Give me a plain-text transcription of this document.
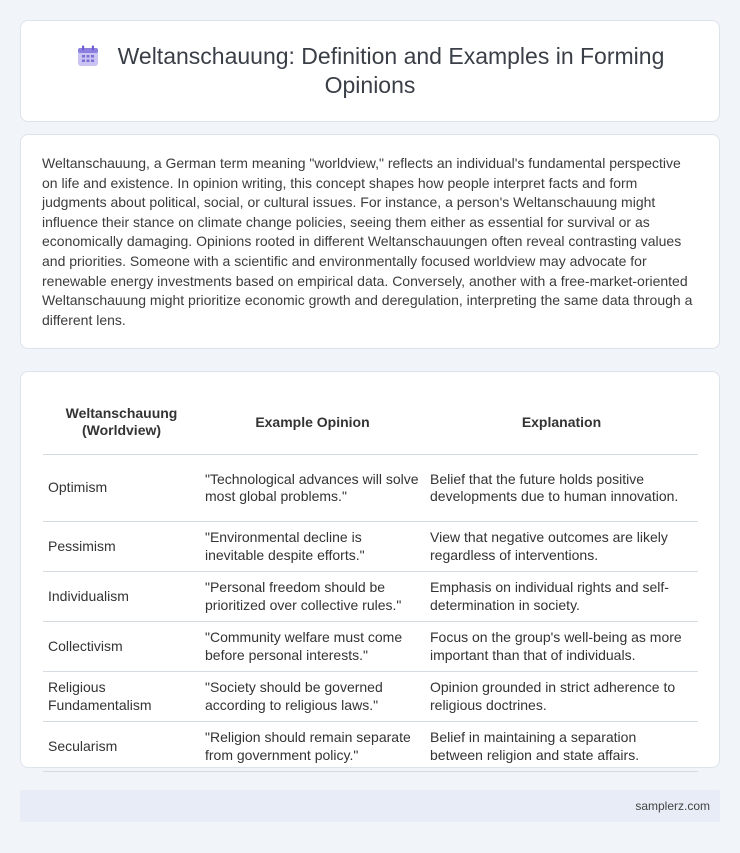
Weltanschauung: Definition and Examples in Forming Opinions

Weltanschauung, a German term meaning "worldview," reflects an individual's fundamental perspective on life and existence. In opinion writing, this concept shapes how people interpret facts and form judgments about political, social, or cultural issues. For instance, a person's Weltanschauung might influence their stance on climate change policies, seeing them either as essential for survival or as economically damaging. Opinions rooted in different Weltanschauungen often reveal contrasting values and priorities. Someone with a scientific and environmentally focused worldview may advocate for renewable energy investments based on empirical data. Conversely, another with a free-market-oriented Weltanschauung might prioritize economic growth and deregulation, interpreting the same data through a different lens.

Weltanschauung (Worldview)	Example Opinion	Explanation
Optimism	"Technological advances will solve most global problems."	Belief that the future holds positive developments due to human innovation.
Pessimism	"Environmental decline is inevitable despite efforts."	View that negative outcomes are likely regardless of interventions.
Individualism	"Personal freedom should be prioritized over collective rules."	Emphasis on individual rights and self-determination in society.
Collectivism	"Community welfare must come before personal interests."	Focus on the group's well-being as more important than that of individuals.
Religious Fundamentalism	"Society should be governed according to religious laws."	Opinion grounded in strict adherence to religious doctrines.
Secularism	"Religion should remain separate from government policy."	Belief in maintaining a separation between religion and state affairs.
samplerz.com
